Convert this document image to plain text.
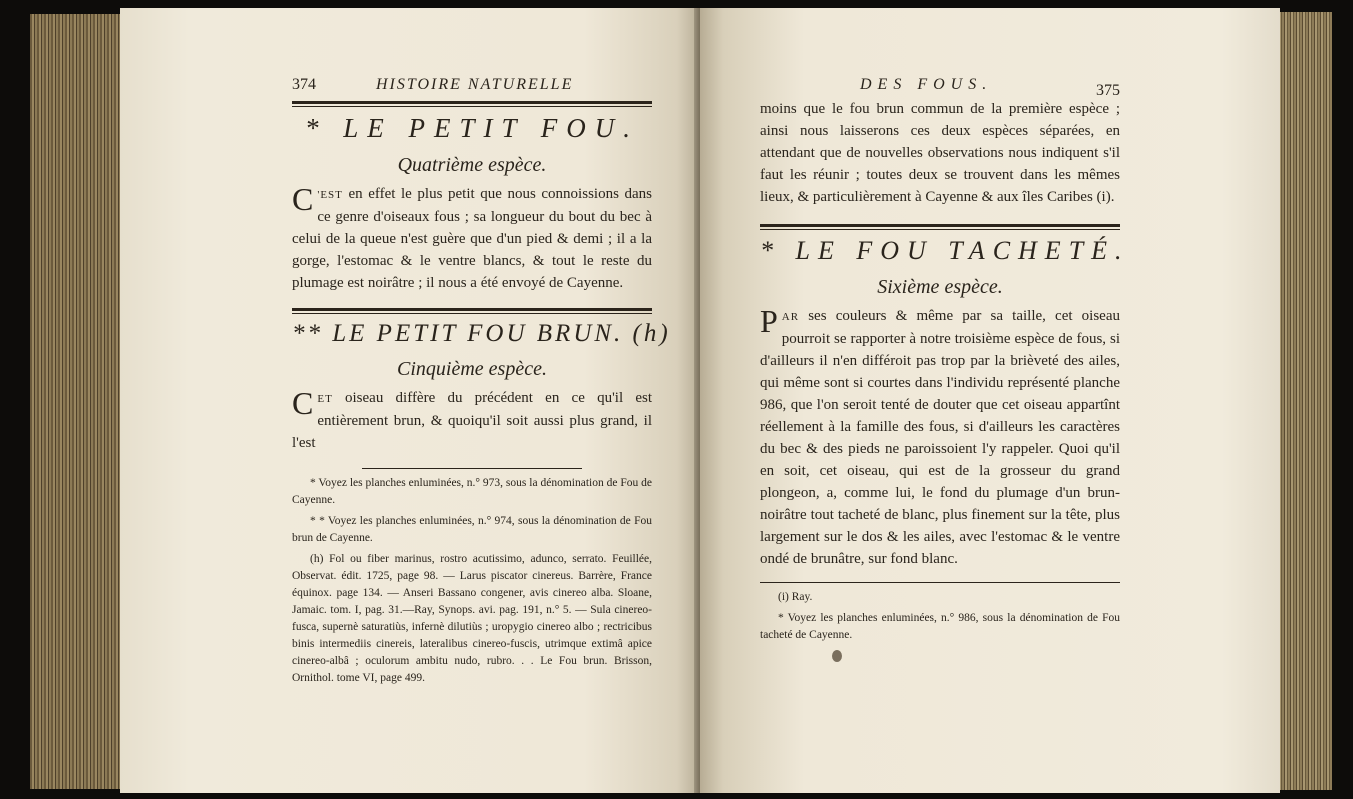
374	HISTOIRE NATURELLE
* LE PETIT FOU.
Quatrième espèce.

C 'EST en effet le plus petit que nous connoissions dans ce genre d'oiseaux fous ; sa longueur du bout du bec à celui de la queue n'est guère que d'un pied & demi ; il a la gorge, l'estomac & le ventre blancs, & tout le reste du plumage est noirâtre ; il nous a été envoyé de Cayenne.

** LE PETIT FOU BRUN. (h)
Cinquième espèce.

CET oiseau diffère du précédent en ce qu'il est entièrement brun, & quoiqu'il soit aussi plus grand, il l'est

* Voyez les planches enluminées, n.° 973, sous la dénomination de Fou de Cayenne.

* * Voyez les planches enluminées, n.° 974, sous la dénomination de Fou brun de Cayenne.

(h) Fol ou fiber marinus, rostro acutissimo, adunco, serrato. Feuillée, Observat. édit. 1725, page 98. — Larus piscator cinereus. Barrère, France équinox. page 134. — Anseri Bassano congener, avis cinereo alba. Sloane, Jamaic. tom. I, pag. 31.—Ray, Synops. avi. pag. 191, n.° 5. — Sula cinereo-fusca, supernè saturatiùs, infernè dilutiùs ; uropygio cinereo albo ; rectricibus binis intermediis cinereis, lateralibus cinereo-fuscis, utrimque extimâ apice cinereo-albâ ; oculorum ambitu nudo, rubro. . . Le Fou brun. Brisson, Ornithol. tome VI, page 499.

DES FOUS.	375

moins que le fou brun commun de la première espèce ; ainsi nous laisserons ces deux espèces séparées, en attendant que de nouvelles observations nous indiquent s'il faut les réunir ; toutes deux se trouvent dans les mêmes lieux, & particulièrement à Cayenne & aux îles Caribes (i).

* LE FOU TACHETÉ.
Sixième espèce.

PAR ses couleurs & même par sa taille, cet oiseau pourroit se rapporter à notre troisième espèce de fous, si d'ailleurs il n'en différoit pas trop par la brièveté des ailes, qui même sont si courtes dans l'individu représenté planche 986, que l'on seroit tenté de douter que cet oiseau appartînt réellement à la famille des fous, si d'ailleurs les caractères du bec & des pieds ne paroissoient l'y rappeler. Quoi qu'il en soit, cet oiseau, qui est de la grosseur du grand plongeon, a, comme lui, le fond du plumage d'un brun-noirâtre tout tacheté de blanc, plus finement sur la tête, plus largement sur le dos & les ailes, avec l'estomac & le ventre ondé de brunâtre, sur fond blanc.

(i) Ray.

* Voyez les planches enluminées, n.° 986, sous la dénomination de Fou tacheté de Cayenne.
